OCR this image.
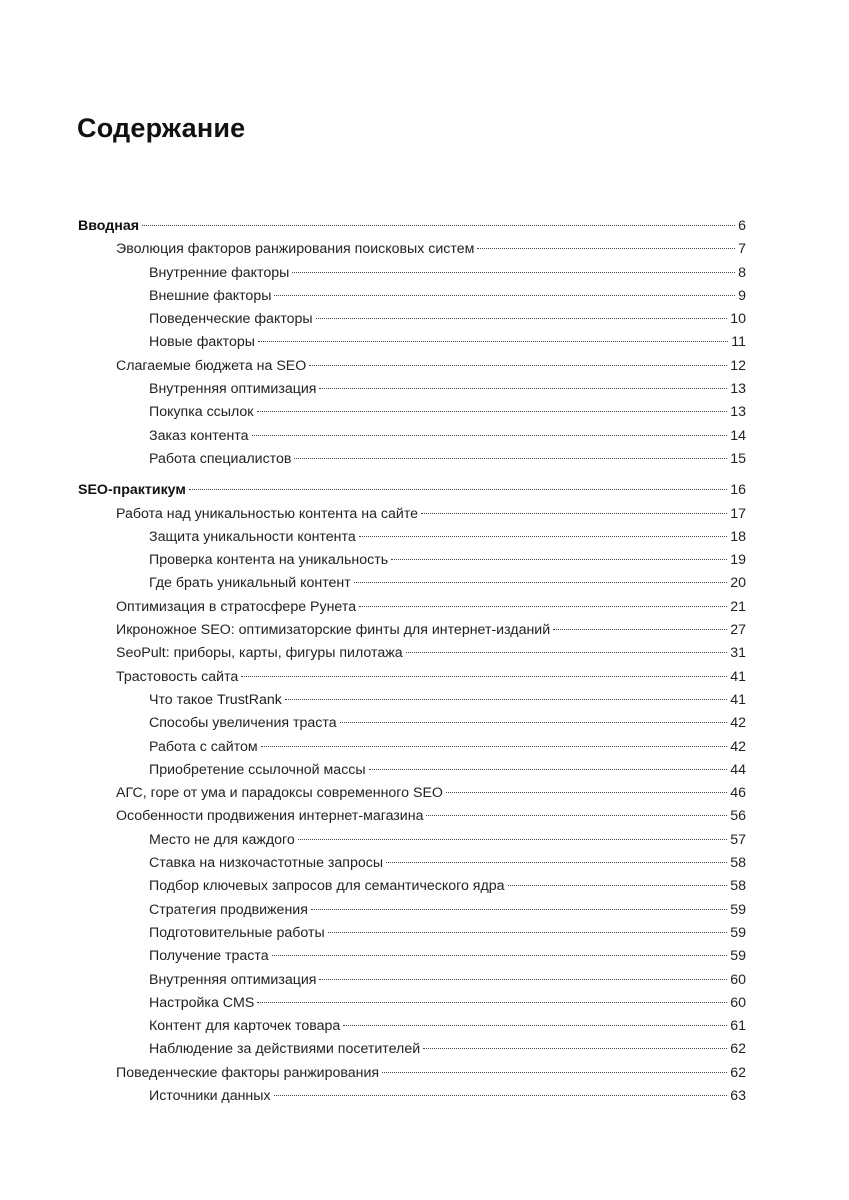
Содержание
Вводная	6
Эволюция факторов ранжирования поисковых систем	7
Внутренние факторы	8
Внешние факторы	9
Поведенческие факторы	10
Новые факторы	11
Слагаемые бюджета на SEO	12
Внутренняя оптимизация	13
Покупка ссылок	13
Заказ контента	14
Работа специалистов	15
SEO-практикум	16
Работа над уникальностью контента на сайте	17
Защита уникальности контента	18
Проверка контента на уникальность	19
Где брать уникальный контент	20
Оптимизация в стратосфере Рунета	21
Икроножное SEO: оптимизаторские финты для интернет-изданий	27
SeoPult: приборы, карты, фигуры пилотажа	31
Трастовость сайта	41
Что такое TrustRank	41
Способы увеличения траста	42
Работа с сайтом	42
Приобретение ссылочной массы	44
АГС, горе от ума и парадоксы современного SEO	46
Особенности продвижения интернет-магазина	56
Место не для каждого	57
Ставка на низкочастотные запросы	58
Подбор ключевых запросов для семантического ядра	58
Стратегия продвижения	59
Подготовительные работы	59
Получение траста	59
Внутренняя оптимизация	60
Настройка CMS	60
Контент для карточек товара	61
Наблюдение за действиями посетителей	62
Поведенческие факторы ранжирования	62
Источники данных	63
